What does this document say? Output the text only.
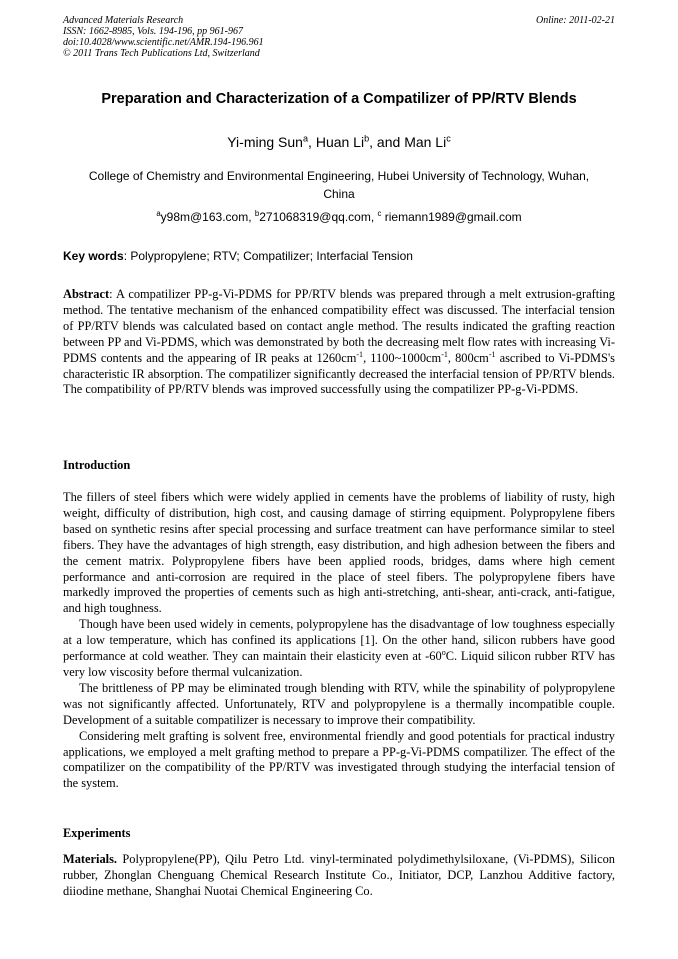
Advanced Materials Research
ISSN: 1662-8985, Vols. 194-196, pp 961-967
doi:10.4028/www.scientific.net/AMR.194-196.961
© 2011 Trans Tech Publications Ltd, Switzerland
Online: 2011-02-21
Preparation and Characterization of a Compatilizer of PP/RTV Blends
Yi-ming Sun$^a$, Huan Li$^b$, and Man Li$^c$
College of Chemistry and Environmental Engineering, Hubei University of Technology, Wuhan,
China
$^a$y98m@163.com, $^b$271068319@qq.com, $^c$ riemann1989@gmail.com
Key words: Polypropylene; RTV; Compatilizer; Interfacial Tension
Abstract: A compatilizer PP-g-Vi-PDMS for PP/RTV blends was prepared through a melt extrusion-grafting method. The tentative mechanism of the enhanced compatibility effect was discussed. The interfacial tension of PP/RTV blends was calculated based on contact angle method. The results indicated the grafting reaction between PP and Vi-PDMS, which was demonstrated by both the decreasing melt flow rates with increasing Vi-PDMS contents and the appearing of IR peaks at $1260cm^{-1}$, $1100\sim 1000cm^{-1}$, $800cm^{-1}$ ascribed to Vi-PDMS's characteristic IR absorption. The compatilizer significantly decreased the interfacial tension of PP/RTV blends. The compatibility of PP/RTV blends was improved successfully using the compatilizer PP-g-Vi-PDMS.
Introduction

The fillers of steel fibers which were widely applied in cements have the problems of liability of rusty, high weight, difficulty of distribution, high cost, and causing damage of stirring equipment. Polypropylene fibers based on synthetic resins after special processing and surface treatment can have performance similar to steel fibers. They have the advantages of high strength, easy distribution, and high adhesion between the fibers and the cement matrix. Polypropylene fibers have been applied roods, bridges, dams where high cement performance and anti-corrosion are required in the place of steel fibers. The polypropylene fibers have markedly improved the properties of cements such as high anti-stretching, anti-shear, anti-crack, anti-fatigue, and high toughness.

Though have been used widely in cements, polypropylene has the disadvantage of low toughness especially at a low temperature, which has confined its applications [1]. On the other hand, silicon rubbers have good performance at cold weather. They can maintain their elasticity even at -60$^o$C. Liquid silicon rubber RTV has very low viscosity before thermal vulcanization.

The brittleness of PP may be eliminated trough blending with RTV, while the spinability of polypropylene was not significantly affected. Unfortunately, RTV and polypropylene is a thermally incompatible couple. Development of a suitable compatilizer is necessary to improve their compatibility.

Considering melt grafting is solvent free, environmental friendly and good potentials for practical industry applications, we employed a melt grafting method to prepare a PP-g-Vi-PDMS compatilizer. The effect of the compatilizer on the compatibility of the PP/RTV was investigated through studying the interfacial tension of the system.

Experiments
Materials. Polypropylene(PP), Qilu Petro Ltd. vinyl-terminated polydimethylsiloxane, (Vi-PDMS), Silicon rubber, Zhonglan Chenguang Chemical Research Institute Co., Initiator, DCP, Lanzhou Additive factory, diiodine methane, Shanghai Nuotai Chemical Engineering Co.
